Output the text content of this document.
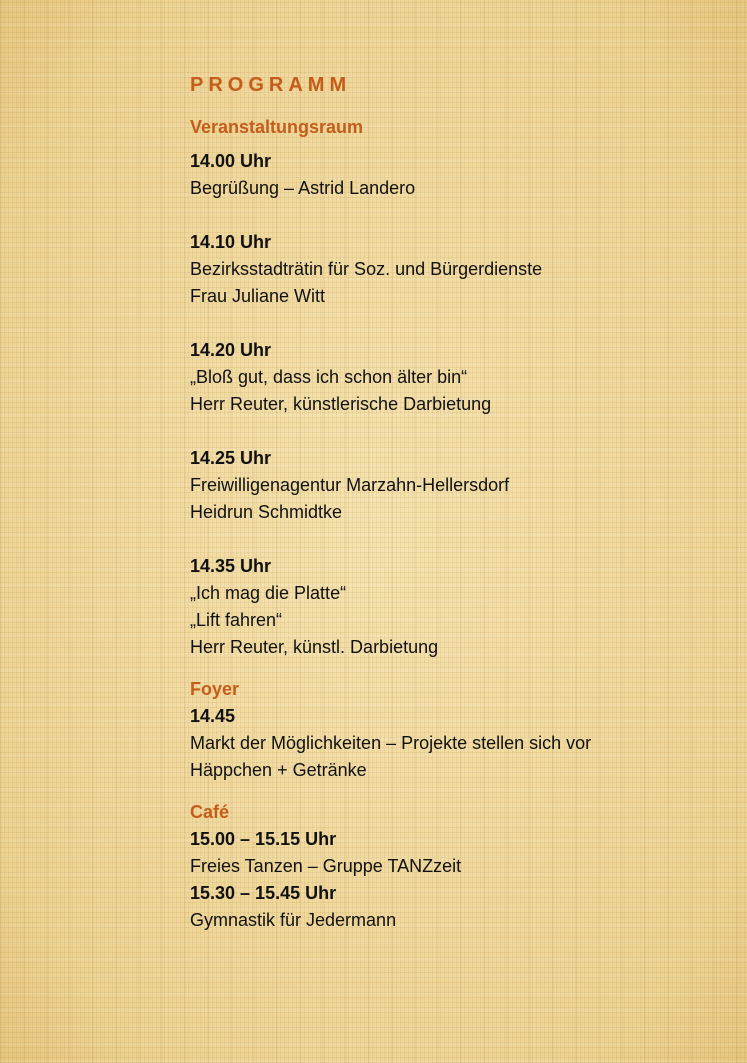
PROGRAMM
Veranstaltungsraum
14.00 Uhr
Begrüßung – Astrid Landero
14.10 Uhr
Bezirksstadträtin für Soz. und Bürgerdienste
Frau Juliane Witt
14.20 Uhr
„Bloß gut, dass ich schon älter bin“
Herr Reuter, künstlerische Darbietung
14.25 Uhr
Freiwilligenagentur Marzahn-Hellersdorf
Heidrun Schmidtke
14.35 Uhr
„Ich mag die Platte“
„Lift fahren“
Herr Reuter, künstl. Darbietung
Foyer
14.45
Markt der Möglichkeiten – Projekte stellen sich vor
Häppchen + Getränke
Café
15.00 – 15.15 Uhr
Freies Tanzen – Gruppe TANZzeit
15.30 – 15.45 Uhr
Gymnastik für Jedermann
